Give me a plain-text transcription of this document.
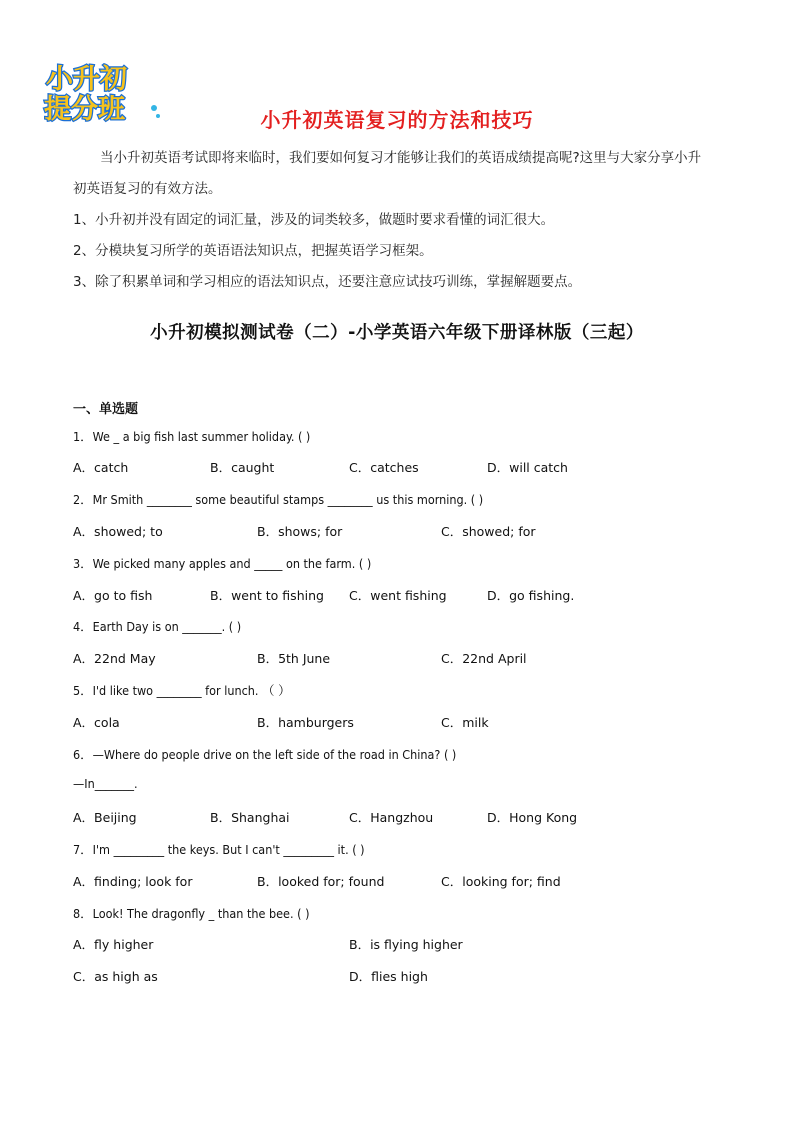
小升初
提分班	小升初英语复习的方法和技巧

当小升初英语考试即将来临时，我们要如何复习才能够让我们的英语成绩提高呢?这里与大家分享小升

初英语复习的有效方法。

1、小升初并没有固定的词汇量，涉及的词类较多，做题时要求看懂的词汇很大。

2、分模块复习所学的英语语法知识点，把握英语学习框架。

3、除了积累单词和学习相应的语法知识点，还要注意应试技巧训练，掌握解题要点。

小升初模拟测试卷（二）-小学英语六年级下册译林版（三起）
一、单选题
1．We _ a big fish last summer holiday. ( )
A．catch	B．caught	C．catches	D．will catch
2．Mr Smith ________ some beautiful stamps ________ us this morning. ( )
A．showed; to	B．shows; for	C．showed; for
3．We picked many apples and _____ on the farm. ( )
A．go to fish	B．went to fishing C．went fishing	D．go fishing.
4．Earth Day is on _______. ( )
A．22nd May	B．5th June	C．22nd April
5．I'd like two ________ for lunch. （ ）
A．cola	B．hamburgers	C．milk
6．—Where do people drive on the left side of the road in China? ( )
—In_______.
A．Beijing	B．Shanghai	C．Hangzhou	D．Hong Kong
7．I'm _________ the keys. But I can't _________ it. ( )
A．finding; look for	B．looked for; found	C．looking for; find
8．Look! The dragonfly _ than the bee. ( )
A．fly higher	B．is flying higher
C．as high as	D．flies high
